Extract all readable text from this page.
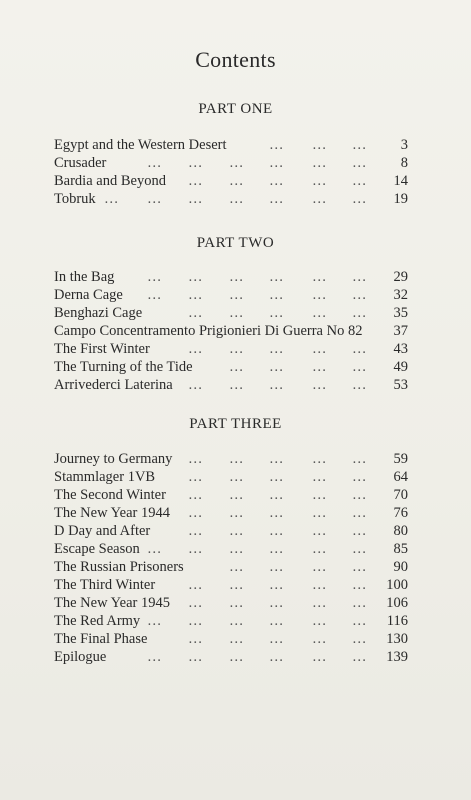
Contents
PART ONE
Egypt and the Western Desert	3
… … …
Crusader	8
… … … … … …
Bardia and Beyond	14
… … … … …
Tobruk	19
… … … … … … …
PART TWO
In the Bag	29
… … … … … …
Derna Cage	32
… … … … … …
Benghazi Cage	35
… … … … …
Campo Concentramento Prigionieri Di Guerra No 82 37
The First Winter	43
… … … … …
The Turning of the Tide	49
… … … …
Arrivederci Laterina	53
… … … … …
PART THREE
Journey to Germany	59
… … … … …
Stammlager 1VB	64
… … … … …
The Second Winter	70
… … … … …
The New Year 1944	76
… … … … …
D Day and After	80
… … … … …
Escape Season	85
… … … … … …
The Russian Prisoners	90
… … … …
The Third Winter	100
… … … … …
The New Year 1945	106
… … … … …
The Red Army	116
… … … … … …
The Final Phase	130
… … … … …
Epilogue	139
… … … … … …
